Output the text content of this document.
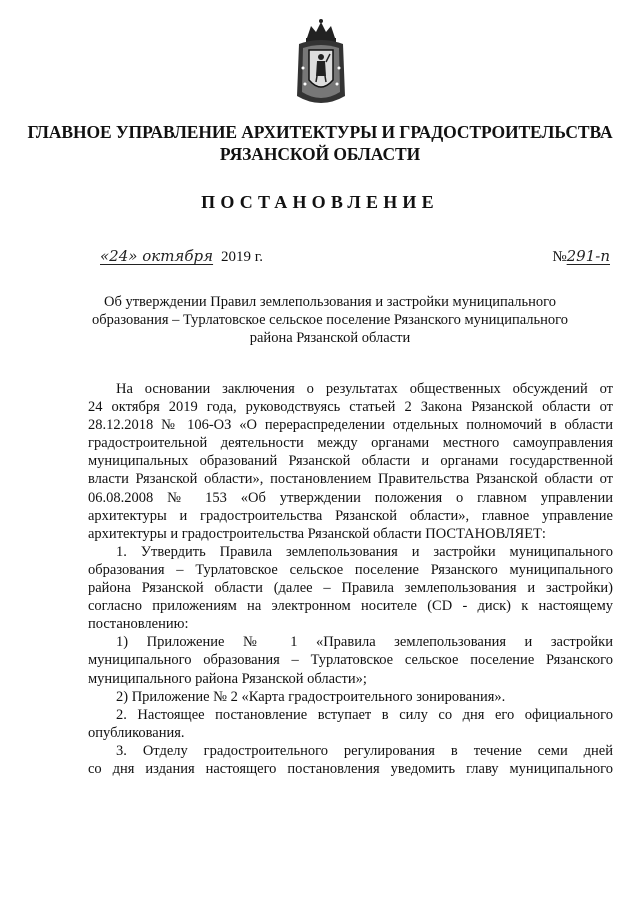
ГЛАВНОЕ УПРАВЛЕНИЕ АРХИТЕКТУРЫ И ГРАДОСТРОИТЕЛЬСТВА
РЯЗАНСКОЙ ОБЛАСТИ
ПОСТАНОВЛЕНИЕ
«24» октября 2019 г.	№291-п
Об утверждении Правил землепользования и застройки муниципального
образования – Турлатовское сельское поселение Рязанского муниципального
района Рязанской области
На основании заключения о результатах общественных обсуждений от
24 октября 2019 года, руководствуясь статьей 2 Закона Рязанской области от
28.12.2018 № 106-ОЗ «О перераспределении отдельных полномочий в области
градостроительной деятельности между органами местного самоуправления
муниципальных образований Рязанской области и органами государственной
власти Рязанской области», постановлением Правительства Рязанской области от
06.08.2008 № 153 «Об утверждении положения о главном управлении
архитектуры и градостроительства Рязанской области», главное управление
архитектуры и градостроительства Рязанской области ПОСТАНОВЛЯЕТ:
1. Утвердить Правила землепользования и застройки муниципального
образования – Турлатовское сельское поселение Рязанского муниципального
района Рязанской области (далее – Правила землепользования и застройки)
согласно приложениям на электронном носителе (CD - диск) к настоящему
постановлению:
1) Приложение № 1 «Правила землепользования и застройки
муниципального образования – Турлатовское сельское поселение Рязанского
муниципального района Рязанской области»;
2) Приложение № 2 «Карта градостроительного зонирования».
2. Настоящее постановление вступает в силу со дня его официального
опубликования.
3. Отделу градостроительного регулирования в течение семи дней
со дня издания настоящего постановления уведомить главу муниципального
